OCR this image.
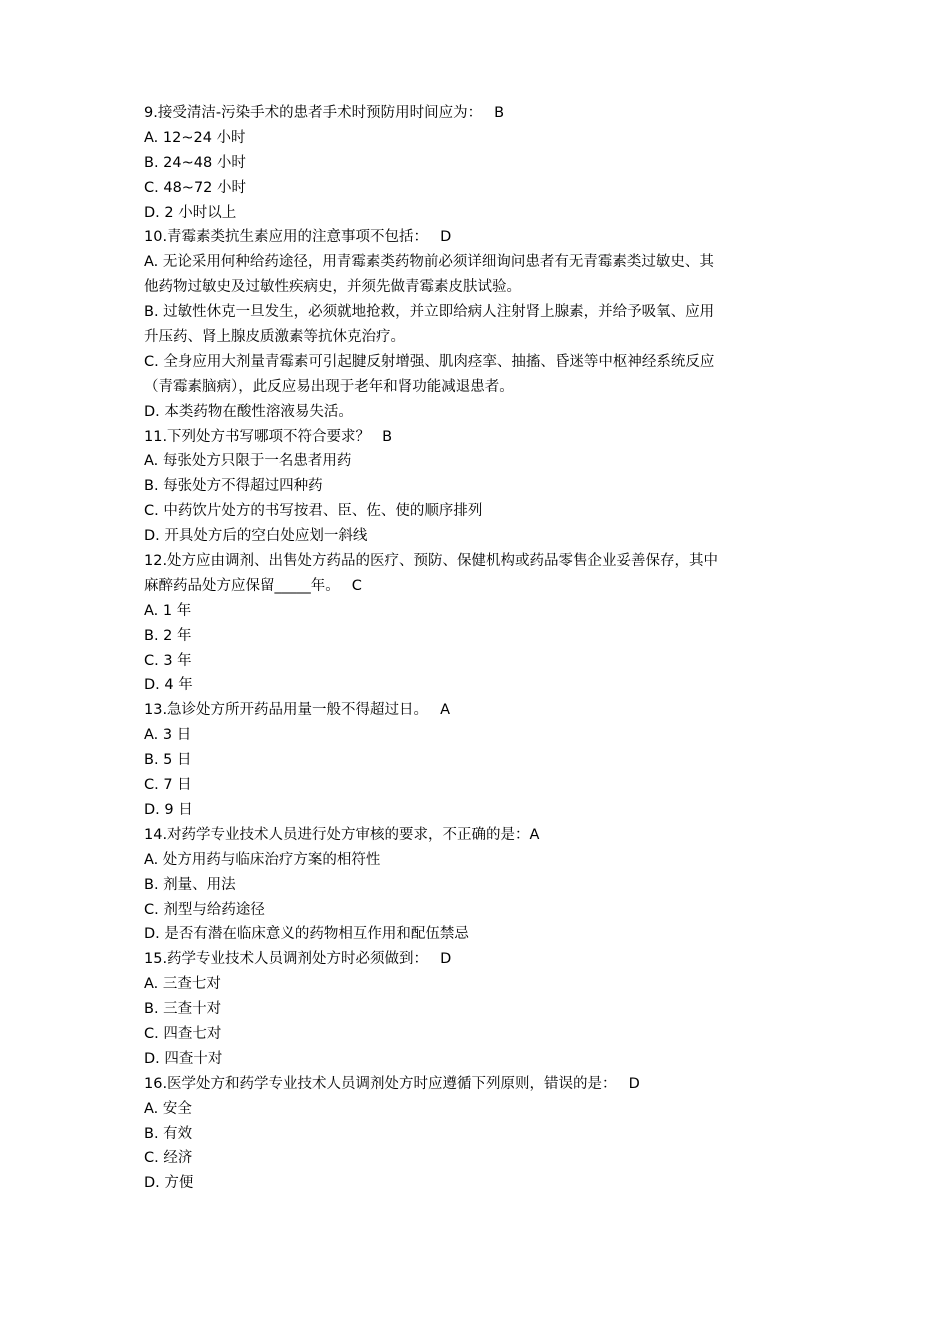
9.接受清洁-污染手术的患者手术时预防用时间应为： B
A. 12~24 小时
B. 24~48 小时
C. 48~72 小时
D. 2 小时以上
10.青霉素类抗生素应用的注意事项不包括： D
A. 无论采用何种给药途径，用青霉素类药物前必须详细询问患者有无青霉素类过敏史、其
他药物过敏史及过敏性疾病史，并须先做青霉素皮肤试验。
B. 过敏性休克一旦发生，必须就地抢救，并立即给病人注射肾上腺素，并给予吸氧、应用
升压药、肾上腺皮质激素等抗休克治疗。
C. 全身应用大剂量青霉素可引起腱反射增强、肌肉痉挛、抽搐、昏迷等中枢神经系统反应
（青霉素脑病），此反应易出现于老年和肾功能减退患者。
D. 本类药物在酸性溶液易失活。
11.下列处方书写哪项不符合要求？ B
A. 每张处方只限于一名患者用药
B. 每张处方不得超过四种药
C. 中药饮片处方的书写按君、臣、佐、使的顺序排列
D. 开具处方后的空白处应划一斜线
12.处方应由调剂、出售处方药品的医疗、预防、保健机构或药品零售企业妥善保存，其中
麻醉药品处方应保留_____年。 C
A. 1 年
B. 2 年
C. 3 年
D. 4 年
13.急诊处方所开药品用量一般不得超过日。 A
A. 3 日
B. 5 日
C. 7 日
D. 9 日
14.对药学专业技术人员进行处方审核的要求，不正确的是：A
A. 处方用药与临床治疗方案的相符性
B. 剂量、用法
C. 剂型与给药途径
D. 是否有潜在临床意义的药物相互作用和配伍禁忌
15.药学专业技术人员调剂处方时必须做到： D
A. 三查七对
B. 三查十对
C. 四查七对
D. 四查十对
16.医学处方和药学专业技术人员调剂处方时应遵循下列原则，错误的是： D
A. 安全
B. 有效
C. 经济
D. 方便
